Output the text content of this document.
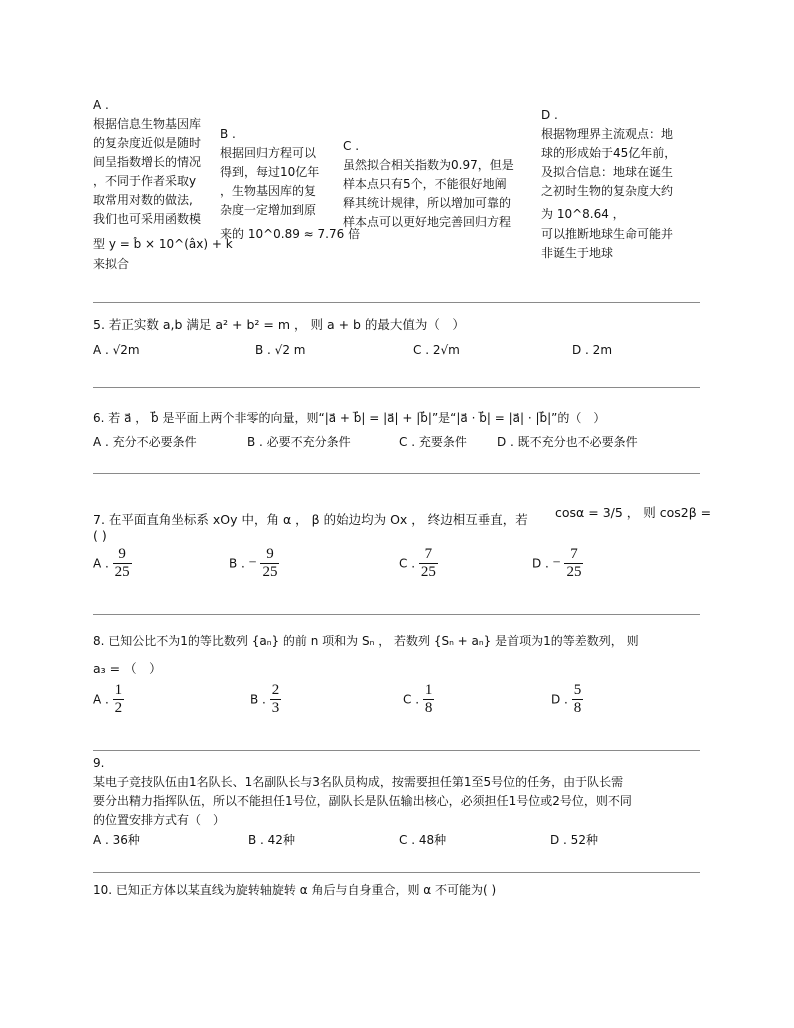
A .
根据信息生物基因库
的复杂度近似是随时
间呈指数增长的情况
，不同于作者采取y
取常用对数的做法,
我们也可采用函数模
型 y = b̂ × 10^(âx) + k
来拟合
B .
根据回归方程可以
得到，每过10亿年
，生物基因库的复
杂度一定增加到原
来的 10^0.89 ≈ 7.76 倍
C .
虽然拟合相关指数为0.97，但是
样本点只有5个，不能很好地阐
释其统计规律，所以增加可靠的
样本点可以更好地完善回归方程
D .
根据物理界主流观点：地
球的形成始于45亿年前，
及拟合信息：地球在诞生
之初时生物的复杂度大约
为 10^8.64 ，
可以推断地球生命可能并
非诞生于地球
5. 若正实数 a,b 满足 a² + b² = m ， 则 a + b 的最大值为（　）
A . √2m	B . √2 m	C . 2√m	D . 2m
6. 若 a⃗ ， b⃗ 是平面上两个非零的向量，则“|a⃗ + b⃗| = |a⃗| + |b⃗|”是“|a⃗ · b⃗| = |a⃗| · |b⃗|”的（　）
A . 充分不必要条件	B . 必要不充分条件	C . 充要条件	D . 既不充分也不必要条件
7. 在平面直角坐标系 xOy 中，角 α ， β 的始边均为 Ox ， 终边相互垂直，若 cosα = 3/5 ， 则 cos2β =
( )
A . $\frac{9}{25}$	B . − $\frac{9}{25}$	C . $\frac{7}{25}$	D . − $\frac{7}{25}$
8. 已知公比不为1的等比数列 {aₙ} 的前 n 项和为 Sₙ ， 若数列 {Sₙ + aₙ} 是首项为1的等差数列， 则
a₃ = （　）
A . $\frac{1}{2}$	B . $\frac{2}{3}$	C . $\frac{1}{8}$	D . $\frac{5}{8}$
9.
某电子竞技队伍由1名队长、1名副队长与3名队员构成，按需要担任第1至5号位的任务，由于队长需
要分出精力指挥队伍，所以不能担任1号位，副队长是队伍输出核心，必须担任1号位或2号位，则不同
的位置安排方式有（　）
A . 36种	B . 42种	C . 48种	D . 52种
10. 已知正方体以某直线为旋转轴旋转 α 角后与自身重合，则 α 不可能为( )
